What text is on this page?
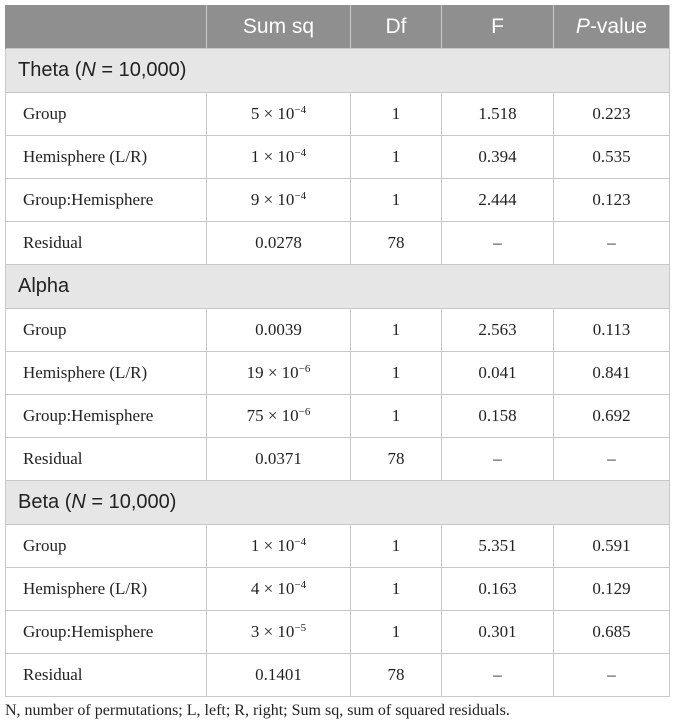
	Sum sq	Df	F	P-value
Theta (N = 10,000)				
Group	$5 \times 10^{-4}$	1	1.518	0.223
Hemisphere (L/R)	$1 \times 10^{-4}$	1	0.394	0.535
Group:Hemisphere	$9 \times 10^{-4}$	1	2.444	0.123
Residual	0.0278	78	–	–
Alpha				
Group	0.0039	1	2.563	0.113
Hemisphere (L/R)	$19 \times 10^{-6}$	1	0.041	0.841
Group:Hemisphere	$75 \times 10^{-6}$	1	0.158	0.692
Residual	0.0371	78	–	–
Beta (N = 10,000)				
Group	$1 \times 10^{-4}$	1	5.351	0.591
Hemisphere (L/R)	$4 \times 10^{-4}$	1	0.163	0.129
Group:Hemisphere	$3 \times 10^{-5}$	1	0.301	0.685
Residual	0.1401	78	–	–
N, number of permutations; L, left; R, right; Sum sq, sum of squared residuals.
